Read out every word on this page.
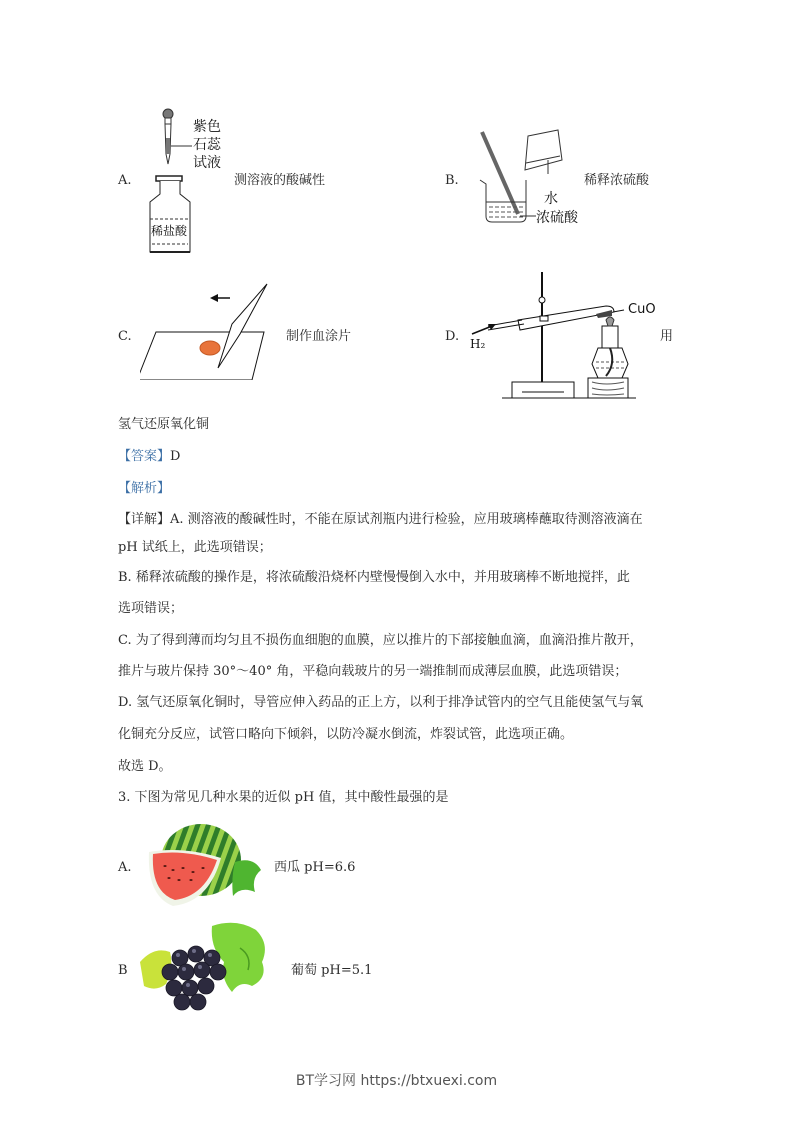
A.
紫色
石蕊
试液
稀盐酸
测溶液的酸碱性	B.
水
浓硫酸
稀释浓硫酸
C.	制作血涂片	D. H₂
CuO
用
氢气还原氧化铜
【答案】D
【解析】
【详解】A. 测溶液的酸碱性时，不能在原试剂瓶内进行检验，应用玻璃棒蘸取待测溶液滴在
pH 试纸上，此选项错误；
B. 稀释浓硫酸的操作是，将浓硫酸沿烧杯内壁慢慢倒入水中，并用玻璃棒不断地搅拌，此
选项错误；
C. 为了得到薄而均匀且不损伤血细胞的血膜，应以推片的下部接触血滴，血滴沿推片散开，
推片与玻片保持 30°～40° 角，平稳向载玻片的另一端推制而成薄层血膜，此选项错误；
D. 氢气还原氧化铜时，导管应伸入药品的正上方，以利于排净试管内的空气且能使氢气与氧
化铜充分反应，试管口略向下倾斜，以防冷凝水倒流，炸裂试管，此选项正确。
故选 D。
3. 下图为常见几种水果的近似 pH 值，其中酸性最强的是
A.	西瓜 pH=6.6
B	葡萄 pH=5.1
BT学习网 https://btxuexi.com
